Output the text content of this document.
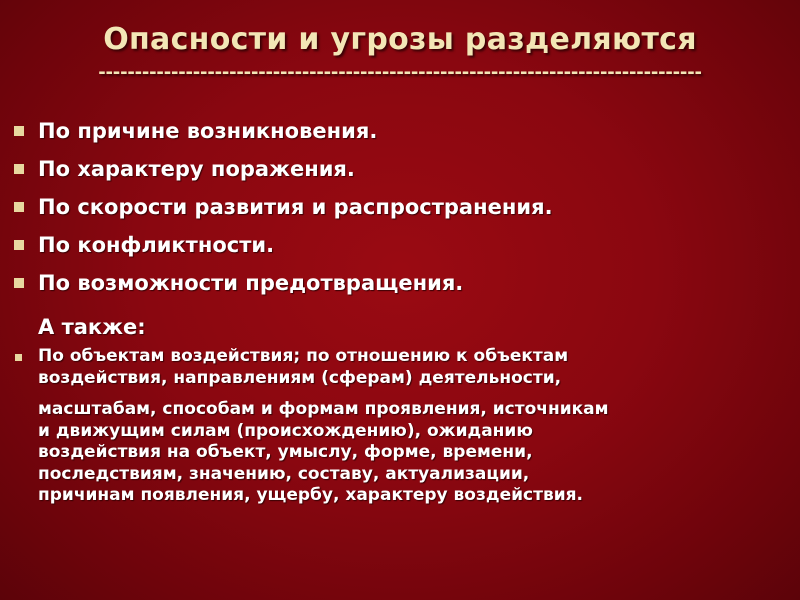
Опасности и угрозы разделяются
-----------------------------------------------------------------------------------
По причине возникновения.
По характеру поражения.
По скорости развития и распространения.
По конфликтности.
По возможности предотвращения.
А также:
По объектам воздействия; по отношению к объектам
воздействия, направлениям (сферам) деятельности,
масштабам, способам и формам проявления, источникам
и движущим силам (происхождению), ожиданию
воздействия на объект, умыслу, форме, времени,
последствиям, значению, составу, актуализации,
причинам появления, ущербу, характеру воздействия.
